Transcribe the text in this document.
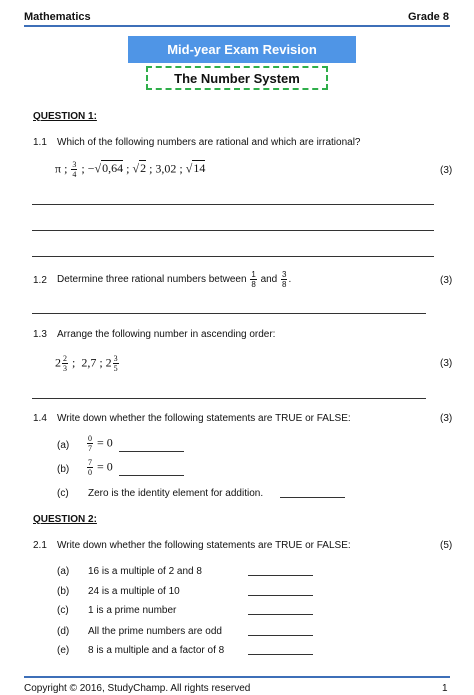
Mathematics	Grade 8
Mid-year Exam Revision
The Number System
QUESTION 1:
1.1 Which of the following numbers are rational and which are irrational?
π ; $\frac{3}{4}$ ; −√0,64 ; √2 ; 3,02 ; √14	(3)
1.2 Determine three rational numbers between $\frac{1}{8}$ and $\frac{3}{8}$ .	(3)
1.3 Arrange the following number in ascending order:
$2 \frac{2}{3}$ ;  2,7 ; $2 \frac{3}{5}$	(3)
1.4 Write down whether the following statements are TRUE or FALSE:	(3)
$(a) \frac{0}{7} = 0$
$(b) \frac{7}{0} = 0$
(c) Zero is the identity element for addition.
QUESTION 2:
2.1 Write down whether the following statements are TRUE or FALSE:	(5)
(a) 16 is a multiple of 2 and 8
(b) 24 is a multiple of 10
(c) 1 is a prime number
(d) All the prime numbers are odd
(e) 8 is a multiple and a factor of 8
Copyright © 2016, StudyChamp. All rights reserved	1
